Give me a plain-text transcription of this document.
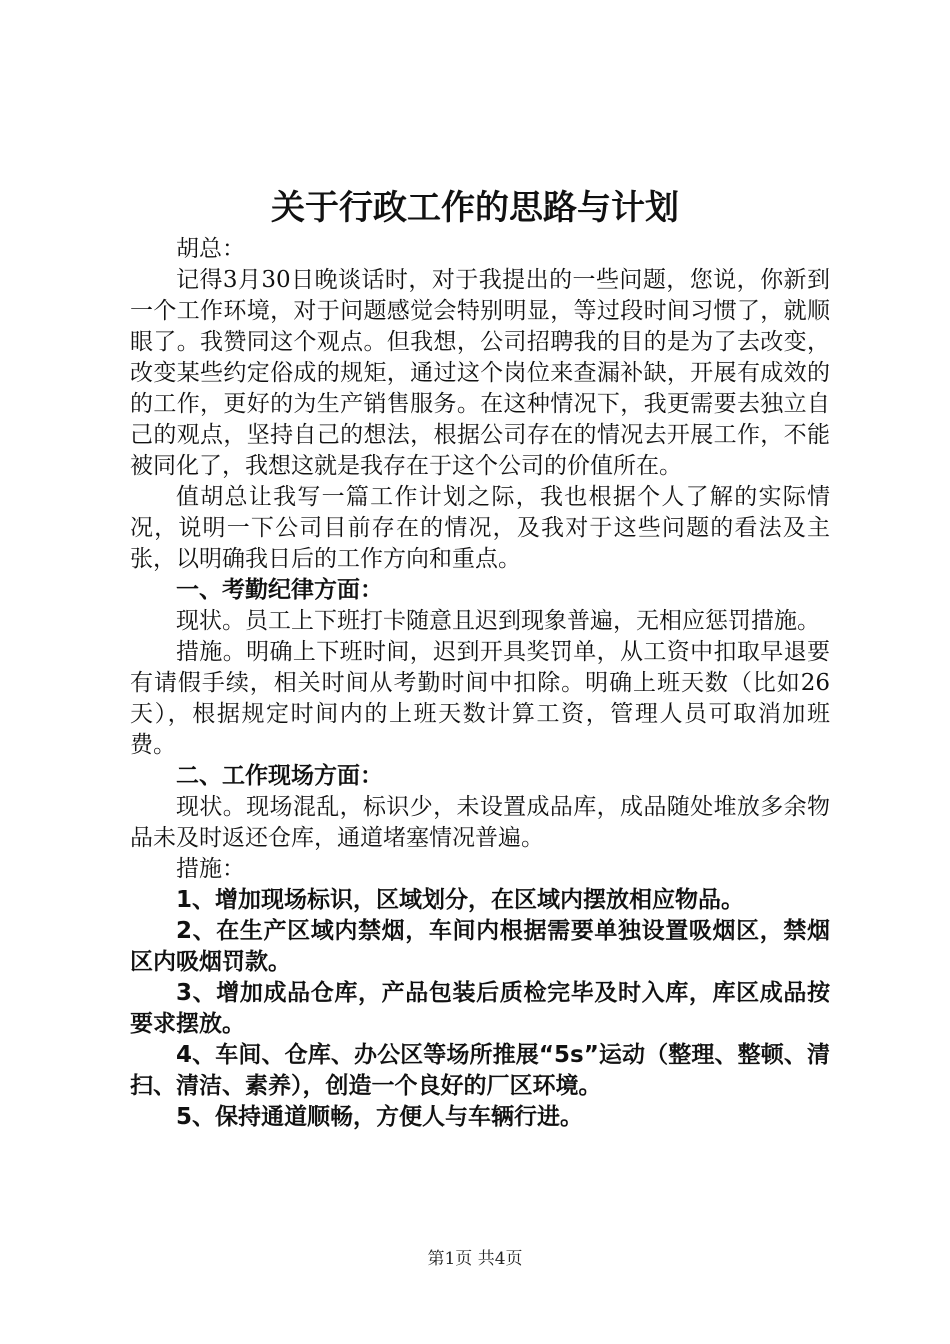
关于行政工作的思路与计划

胡总：

记得3月30日晚谈话时，对于我提出的一些问题，您说，你新到一个工作环境，对于问题感觉会特别明显，等过段时间习惯了，就顺眼了。我赞同这个观点。但我想，公司招聘我的目的是为了去改变，改变某些约定俗成的规矩，通过这个岗位来查漏补缺，开展有成效的的工作，更好的为生产销售服务。在这种情况下，我更需要去独立自己的观点，坚持自己的想法，根据公司存在的情况去开展工作，不能被同化了，我想这就是我存在于这个公司的价值所在。

值胡总让我写一篇工作计划之际，我也根据个人了解的实际情况，说明一下公司目前存在的情况，及我对于这些问题的看法及主张，以明确我日后的工作方向和重点。

一、考勤纪律方面：

现状。员工上下班打卡随意且迟到现象普遍，无相应惩罚措施。

措施。明确上下班时间，迟到开具奖罚单，从工资中扣取早退要有请假手续，相关时间从考勤时间中扣除。明确上班天数（比如26天），根据规定时间内的上班天数计算工资，管理人员可取消加班费。

二、工作现场方面：

现状。现场混乱，标识少，未设置成品库，成品随处堆放多余物品未及时返还仓库，通道堵塞情况普遍。

措施：

1、增加现场标识，区域划分，在区域内摆放相应物品。

2、在生产区域内禁烟，车间内根据需要单独设置吸烟区，禁烟区内吸烟罚款。

3、增加成品仓库，产品包装后质检完毕及时入库，库区成品按要求摆放。

4、车间、仓库、办公区等场所推展“5s”运动（整理、整顿、清扫、清洁、素养），创造一个良好的厂区环境。

5、保持通道顺畅，方便人与车辆行进。

第1页 共4页
